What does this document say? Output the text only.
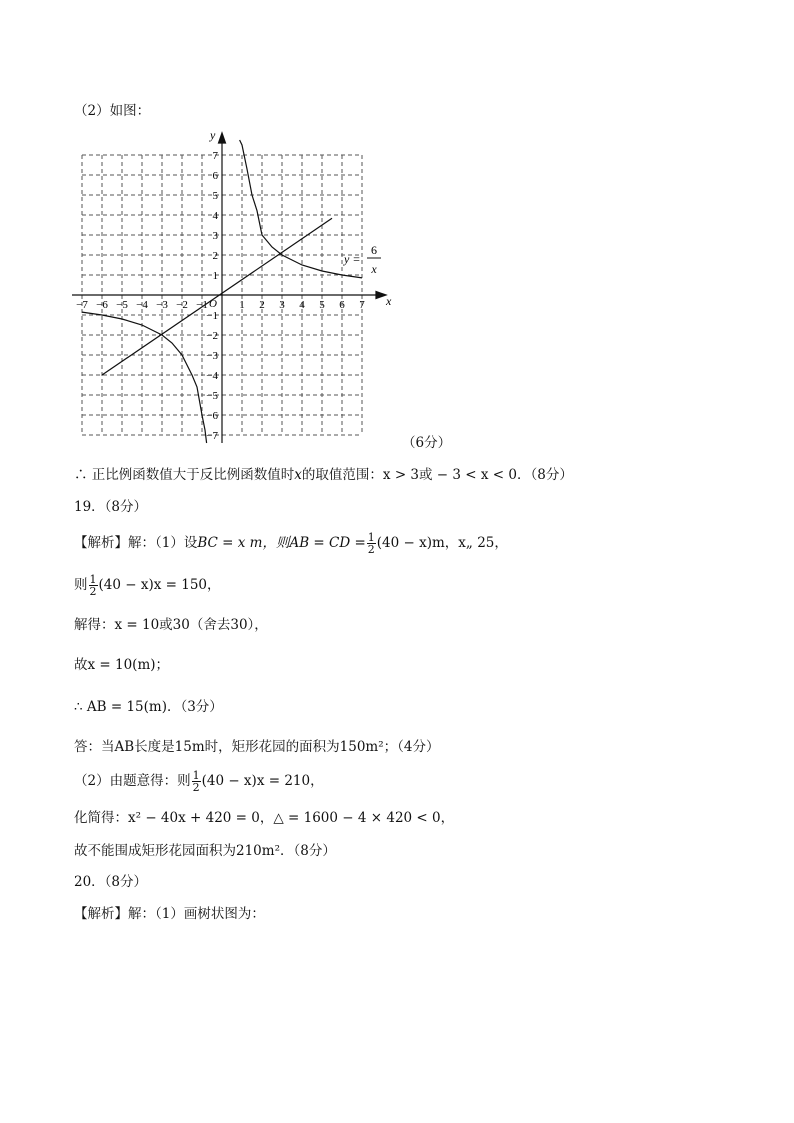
（2）如图：
x
y
O
−7 −6 −5 −4 −3 −2 −1	1 2 3 4 5 6 7
7
6
5
4
3
2
1
−1
−2
−3
−4
−5
−6
−7
y =
6
x
（6分）
∴ 正比例函数值大于反比例函数值时x的取值范围：x > 3或 − 3 < x < 0．（8分）
19．（8分）
【解析】解：（1）设BC = x m，则AB = CD = $\frac{1}{2} (40 - x)m$，x„ 25，
则 $\frac{1}{2} (40 - x)x = 150$，
解得：x = 10或30（舍去30），
故x = 10(m)；
∴ AB = 15(m)．（3分）
答：当AB长度是15m时，矩形花园的面积为150m²；（4分）
（2）由题意得：则 $\frac{1}{2} (40 - x)x = 210$，
化简得：x² − 40x + 420 = 0，△ = 1600 − 4 × 420 < 0，
故不能围成矩形花园面积为210m²．（8分）
20．（8分）
【解析】解：（1）画树状图为：
